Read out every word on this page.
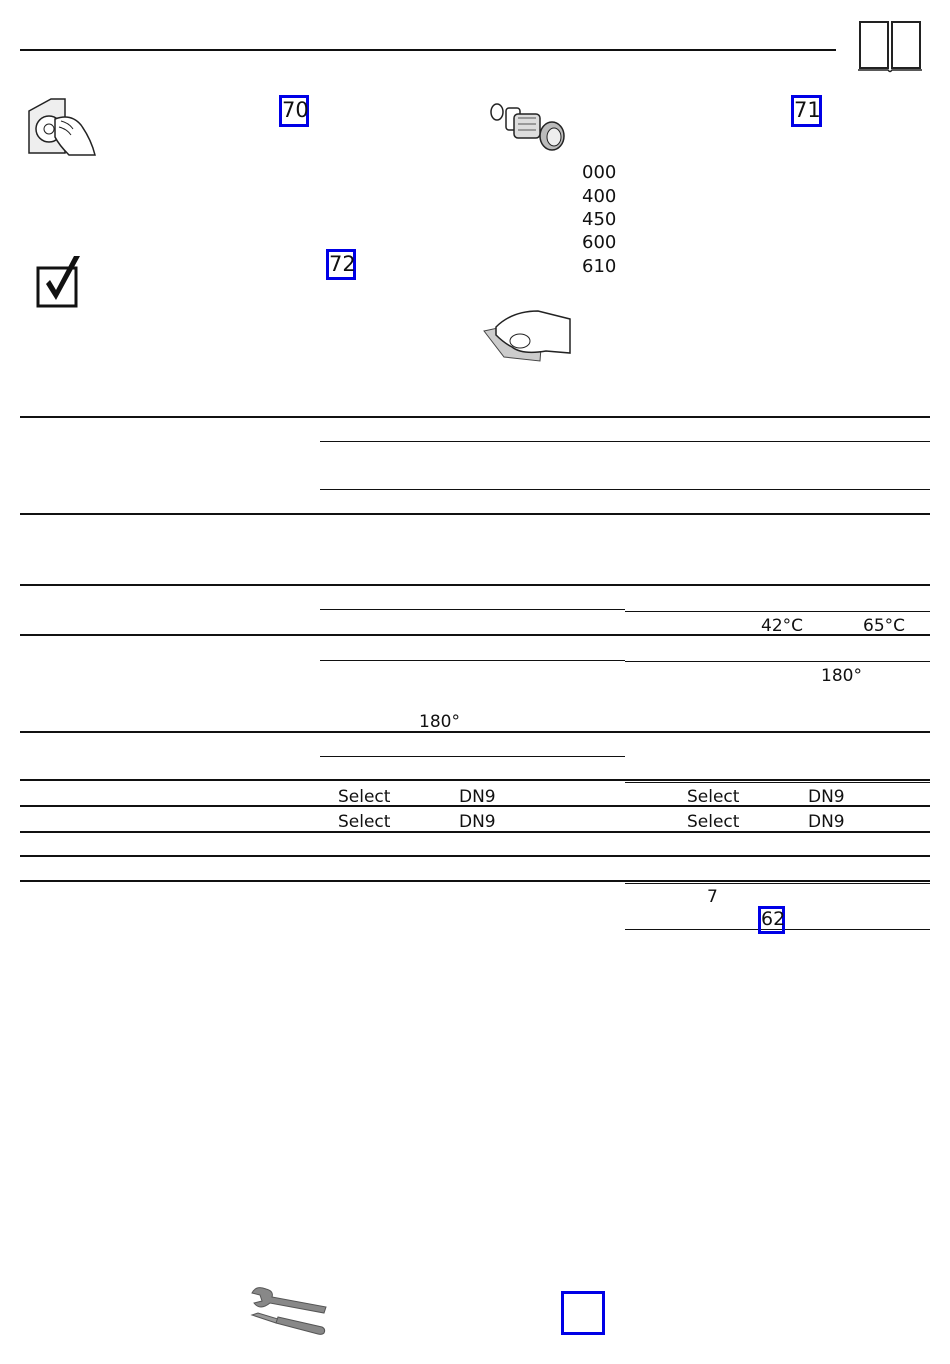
70	71
000
400
450
600
610
72
42°C	65°C
180°
180°
Select	DN9	Select	DN9
Select	DN9	Select	DN9
7
62
